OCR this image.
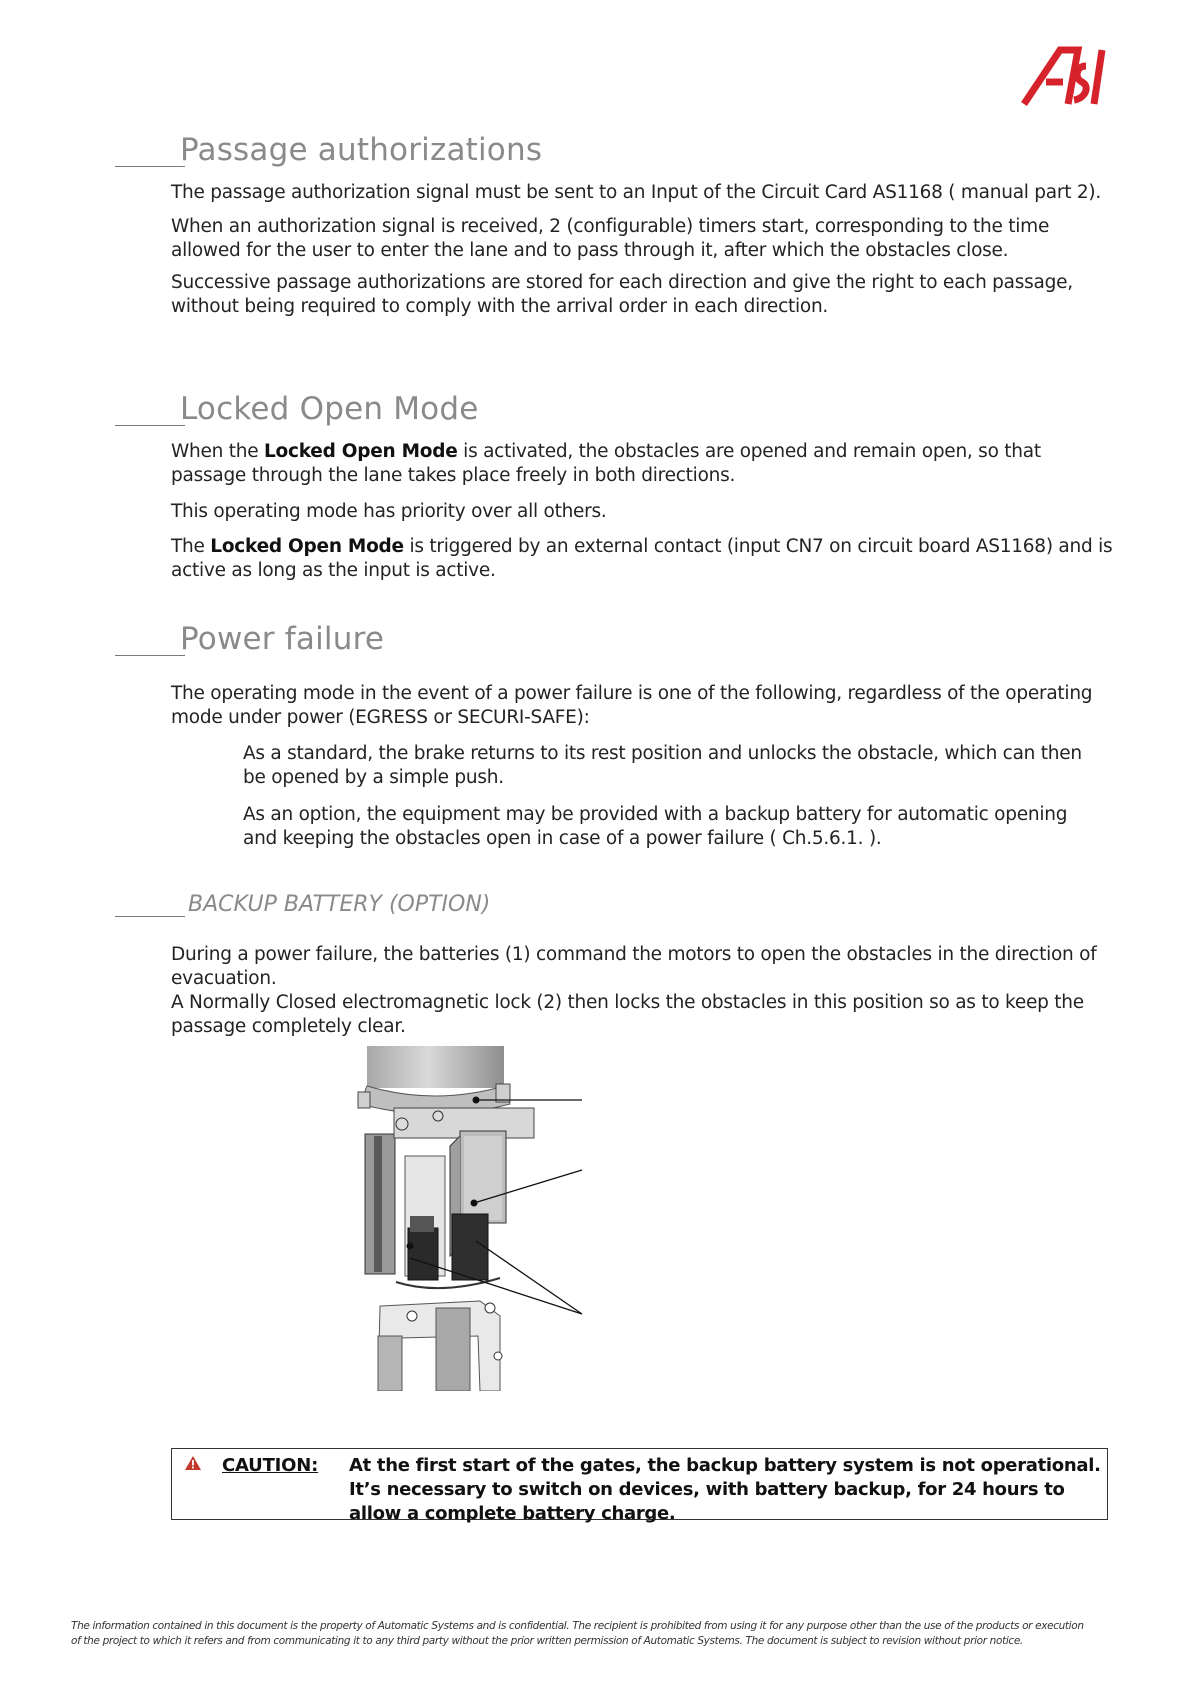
Passage authorizations
The passage authorization signal must be sent to an Input of the Circuit Card AS1168 ( manual part 2).
When an authorization signal is received, 2 (configurable) timers start, corresponding to the time allowed for the user to enter the lane and to pass through it, after which the obstacles close.
Successive passage authorizations are stored for each direction and give the right to each passage, without being required to comply with the arrival order in each direction.
Locked Open Mode
When the Locked Open Mode is activated, the obstacles are opened and remain open, so that passage through the lane takes place freely in both directions.
This operating mode has priority over all others.
The Locked Open Mode is triggered by an external contact (input CN7 on circuit board AS1168) and is active as long as the input is active.
Power failure
The operating mode in the event of a power failure is one of the following, regardless of the operating mode under power (EGRESS or SECURI-SAFE):
As a standard, the brake returns to its rest position and unlocks the obstacle, which can then be opened by a simple push.
As an option, the equipment may be provided with a backup battery for automatic opening and keeping the obstacles open in case of a power failure ( Ch.5.6.1. ).
BACKUP BATTERY (OPTION)
During a power failure, the batteries (1) command the motors to open the obstacles in the direction of evacuation.
A Normally Closed electromagnetic lock (2) then locks the obstacles in this position so as to keep the passage completely clear.
CAUTION: At the first start of the gates, the backup battery system is not operational. It’s necessary to switch on devices, with battery backup, for 24 hours to allow a complete battery charge.
The information contained in this document is the property of Automatic Systems and is confidential. The recipient is prohibited from using it for any purpose other than the use of the products or execution
of the project to which it refers and from communicating it to any third party without the prior written permission of Automatic Systems. The document is subject to revision without prior notice.
